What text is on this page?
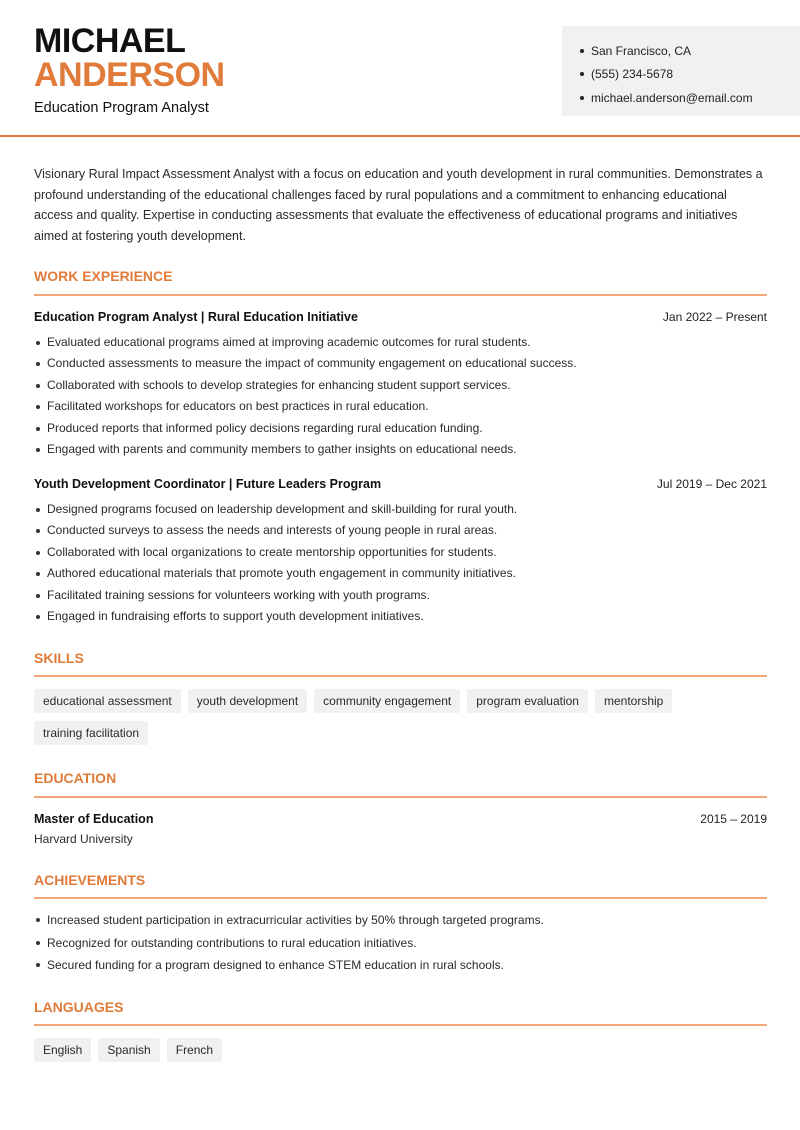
MICHAEL
ANDERSON
Education Program Analyst
San Francisco, CA
(555) 234-5678
michael.anderson@email.com

Visionary Rural Impact Assessment Analyst with a focus on education and youth development in rural communities. Demonstrates a profound understanding of the educational challenges faced by rural populations and a commitment to enhancing educational access and quality. Expertise in conducting assessments that evaluate the effectiveness of educational programs and initiatives aimed at fostering youth development.

WORK EXPERIENCE
Education Program Analyst | Rural Education Initiative	Jan 2022 – Present
Evaluated educational programs aimed at improving academic outcomes for rural students.
Conducted assessments to measure the impact of community engagement on educational success.
Collaborated with schools to develop strategies for enhancing student support services.
Facilitated workshops for educators on best practices in rural education.
Produced reports that informed policy decisions regarding rural education funding.
Engaged with parents and community members to gather insights on educational needs.
Youth Development Coordinator | Future Leaders Program	Jul 2019 – Dec 2021
Designed programs focused on leadership development and skill-building for rural youth.
Conducted surveys to assess the needs and interests of young people in rural areas.
Collaborated with local organizations to create mentorship opportunities for students.
Authored educational materials that promote youth engagement in community initiatives.
Facilitated training sessions for volunteers working with youth programs.
Engaged in fundraising efforts to support youth development initiatives.
SKILLS
educational assessment	youth development	community engagement	program evaluation	mentorship
training facilitation
EDUCATION
Master of Education	2015 – 2019
Harvard University
ACHIEVEMENTS
Increased student participation in extracurricular activities by 50% through targeted programs.
Recognized for outstanding contributions to rural education initiatives.
Secured funding for a program designed to enhance STEM education in rural schools.
LANGUAGES
English	Spanish	French
